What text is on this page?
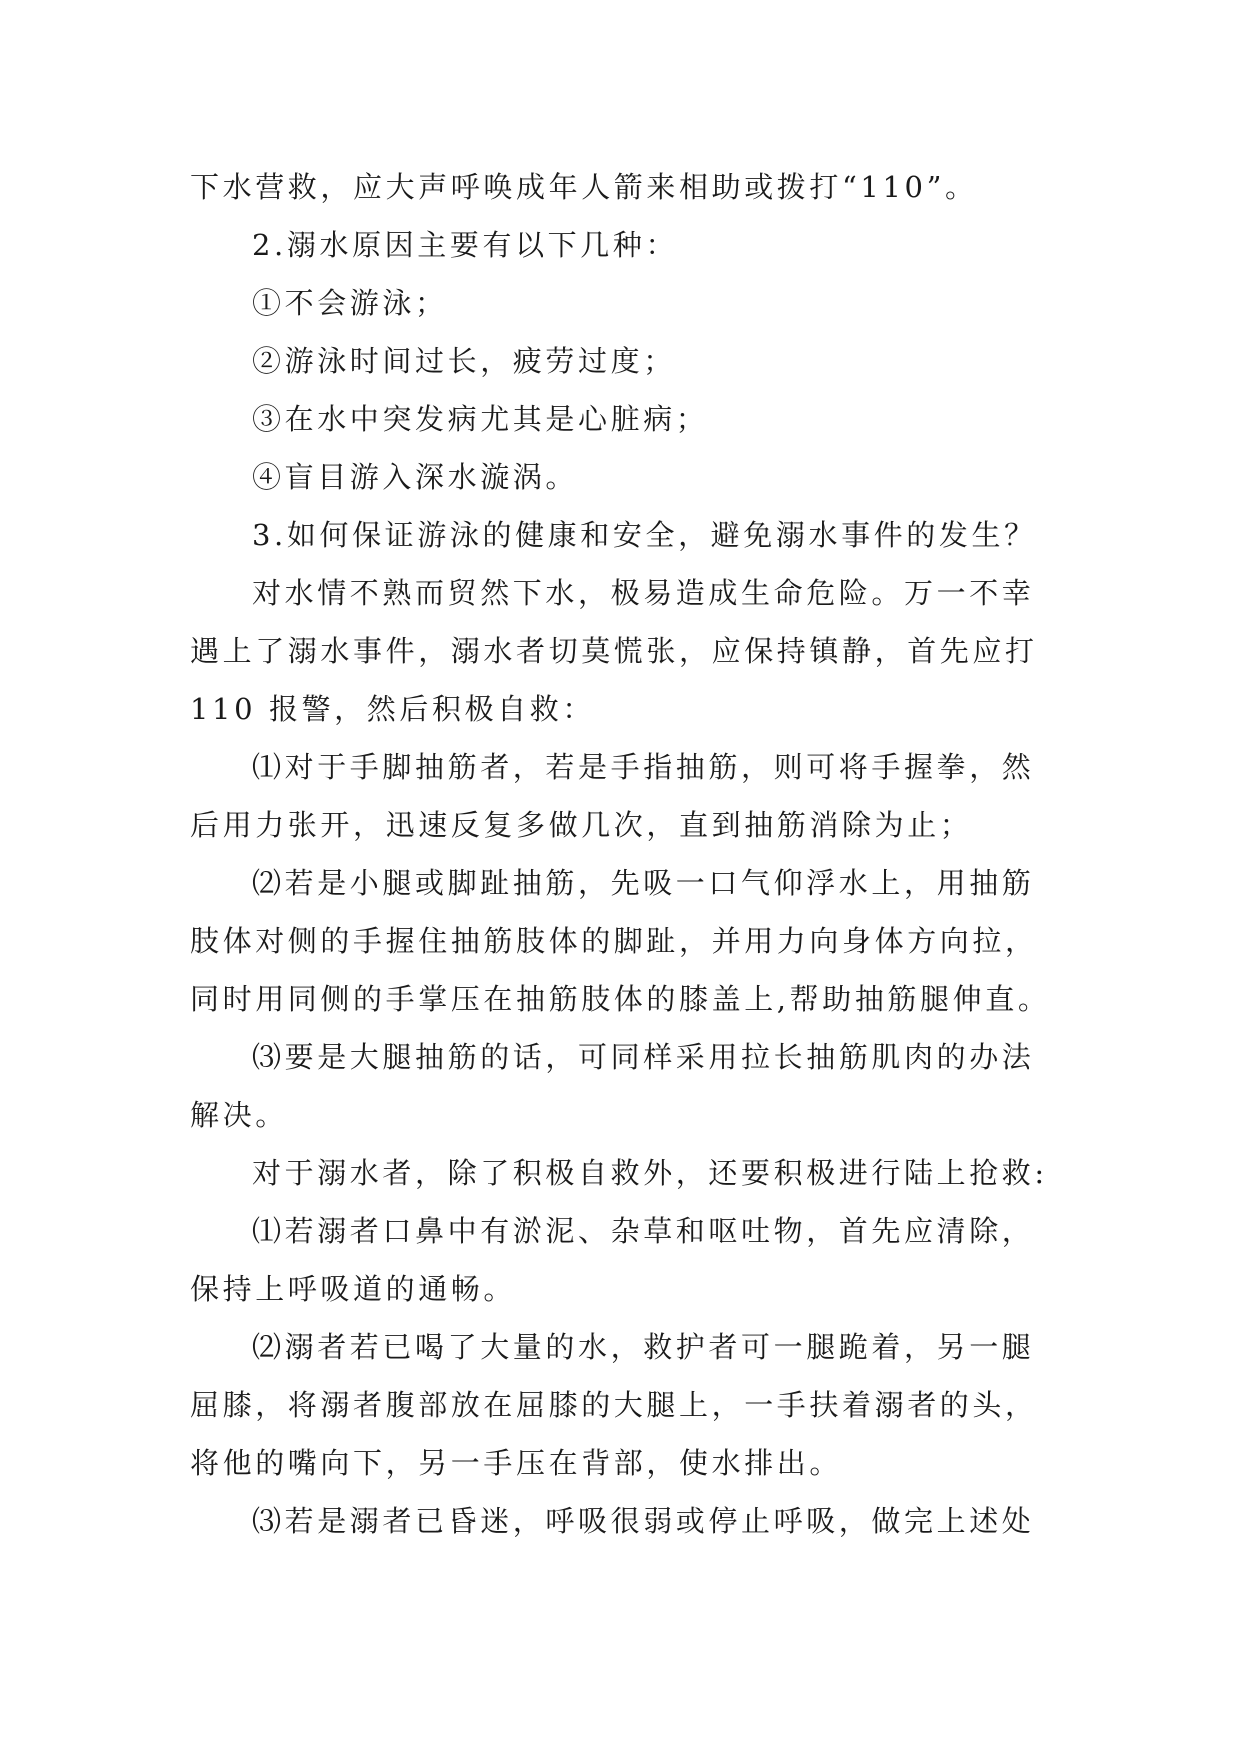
下水营救，应大声呼唤成年人箭来相助或拨打“110”。

2.溺水原因主要有以下几种：

①不会游泳；

②游泳时间过长，疲劳过度；

③在水中突发病尤其是心脏病；

④盲目游入深水漩涡。

3.如何保证游泳的健康和安全，避免溺水事件的发生？

对水情不熟而贸然下水，极易造成生命危险。万一不幸

遇上了溺水事件，溺水者切莫慌张，应保持镇静，首先应打

110 报警，然后积极自救：

⑴对于手脚抽筋者，若是手指抽筋，则可将手握拳，然

后用力张开，迅速反复多做几次，直到抽筋消除为止；

⑵若是小腿或脚趾抽筋，先吸一口气仰浮水上，用抽筋

肢体对侧的手握住抽筋肢体的脚趾，并用力向身体方向拉，

同时用同侧的手掌压在抽筋肢体的膝盖上,帮助抽筋腿伸直。

⑶要是大腿抽筋的话，可同样采用拉长抽筋肌肉的办法

解决。

对于溺水者，除了积极自救外，还要积极进行陆上抢救:

⑴若溺者口鼻中有淤泥、杂草和呕吐物，首先应清除，

保持上呼吸道的通畅。

⑵溺者若已喝了大量的水，救护者可一腿跪着，另一腿

屈膝，将溺者腹部放在屈膝的大腿上，一手扶着溺者的头，

将他的嘴向下，另一手压在背部，使水排出。

⑶若是溺者已昏迷，呼吸很弱或停止呼吸，做完上述处
